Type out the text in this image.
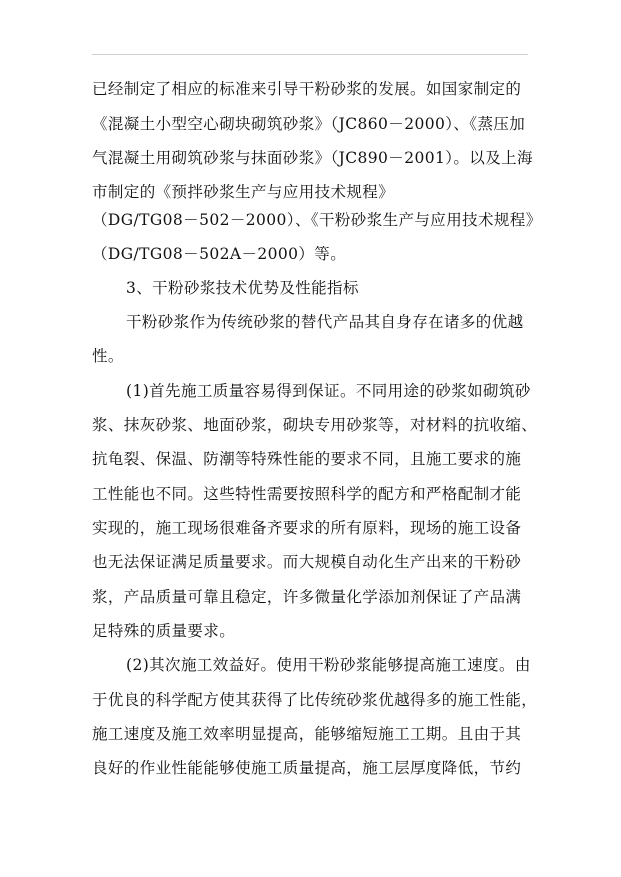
已经制定了相应的标准来引导干粉砂浆的发展。如国家制定的
《混凝土小型空心砌块砌筑砂浆》（JC860－2000）、《蒸压加
气混凝土用砌筑砂浆与抹面砂浆》（JC890－2001）。以及上海
市制定的《预拌砂浆生产与应用技术规程》
（DG/TG08－502－2000）、《干粉砂浆生产与应用技术规程》
（DG/TG08－502A－2000）等。
3、干粉砂浆技术优势及性能指标
干粉砂浆作为传统砂浆的替代产品其自身存在诸多的优越
性。
(1)首先施工质量容易得到保证。不同用途的砂浆如砌筑砂
浆、抹灰砂浆、地面砂浆，砌块专用砂浆等，对材料的抗收缩、
抗龟裂、保温、防潮等特殊性能的要求不同，且施工要求的施
工性能也不同。这些特性需要按照科学的配方和严格配制才能
实现的，施工现场很难备齐要求的所有原料，现场的施工设备
也无法保证满足质量要求。而大规模自动化生产出来的干粉砂
浆，产品质量可靠且稳定，许多微量化学添加剂保证了产品满
足特殊的质量要求。
(2)其次施工效益好。使用干粉砂浆能够提高施工速度。由
于优良的科学配方使其获得了比传统砂浆优越得多的施工性能，
施工速度及施工效率明显提高，能够缩短施工工期。且由于其
良好的作业性能能够使施工质量提高，施工层厚度降低，节约
